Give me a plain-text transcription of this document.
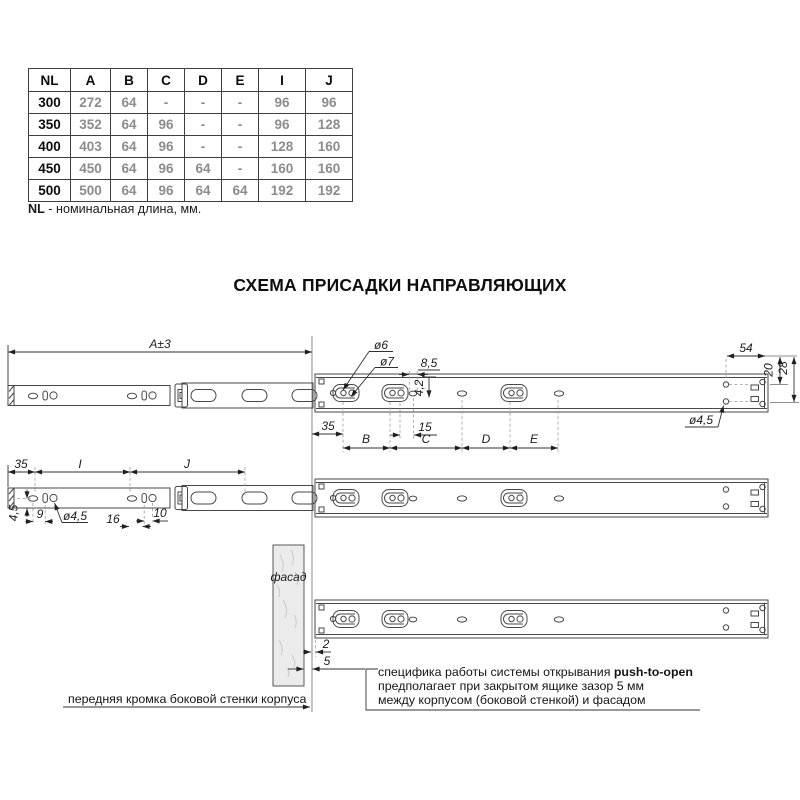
NL	A	B	C	D	E	I	J
300	272	64	-	-	-	96	96
350	352	64	96	-	-	96	128
400	403	64	96	-	-	128	160
450	450	64	96	64	-	160	160
500	500	64	96	64	64	192	192
NL - номинальная длина, мм.
СХЕМА ПРИСАДКИ НАПРАВЛЯЮЩИХ
A±3	ø6
ø7 8,5
4,2
54
20 28
ø4,5
35	15
B	C	D	E
35	I	J
4,5 9 ø4,5 16	10
фасад
2
5
специфика работы системы открывания push-to-open
предполагает при закрытом ящике зазор 5 мм
между корпусом (боковой стенкой) и фасадом
передняя кромка боковой стенки корпуса
